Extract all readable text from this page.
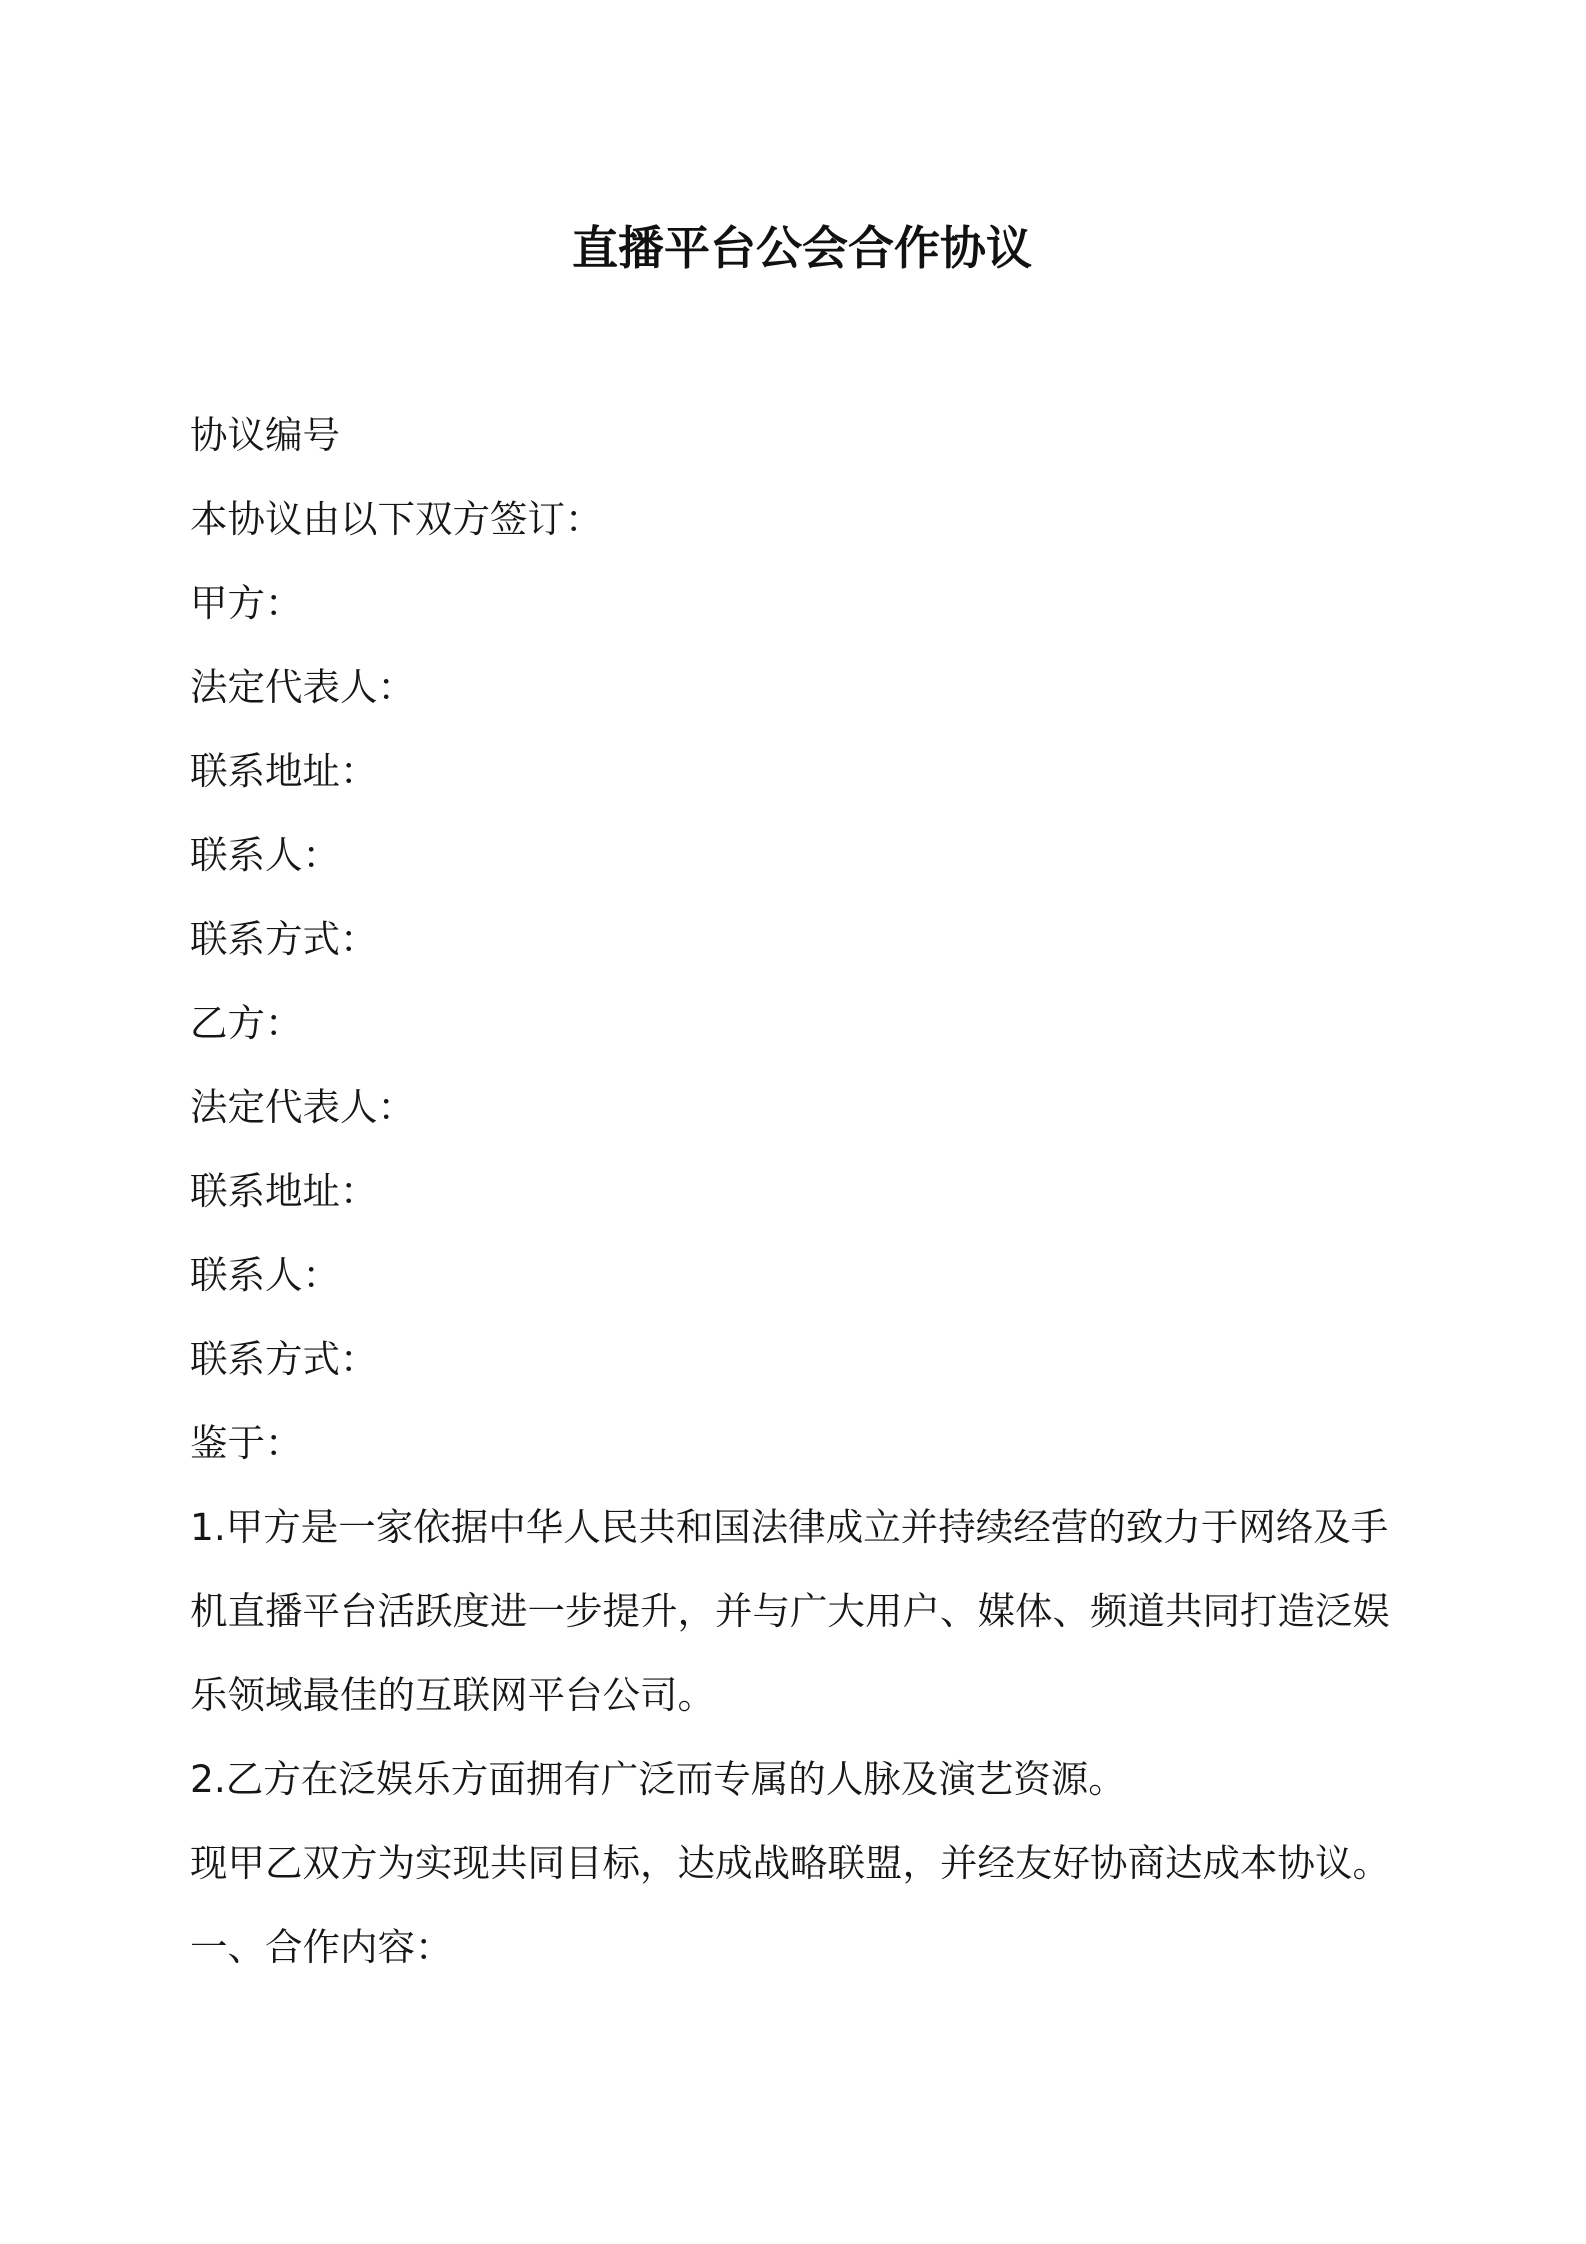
直播平台公会合作协议

协议编号

本协议由以下双方签订：

甲方：

法定代表人：

联系地址：

联系人：

联系方式：

乙方：

法定代表人：

联系地址：

联系人：

联系方式：

鉴于：

1.甲方是一家依据中华人民共和国法律成立并持续经营的致力于网络及手

机直播平台活跃度进一步提升，并与广大用户、媒体、频道共同打造泛娱

乐领域最佳的互联网平台公司。

2.乙方在泛娱乐方面拥有广泛而专属的人脉及演艺资源。

现甲乙双方为实现共同目标，达成战略联盟，并经友好协商达成本协议。

一、合作内容：
